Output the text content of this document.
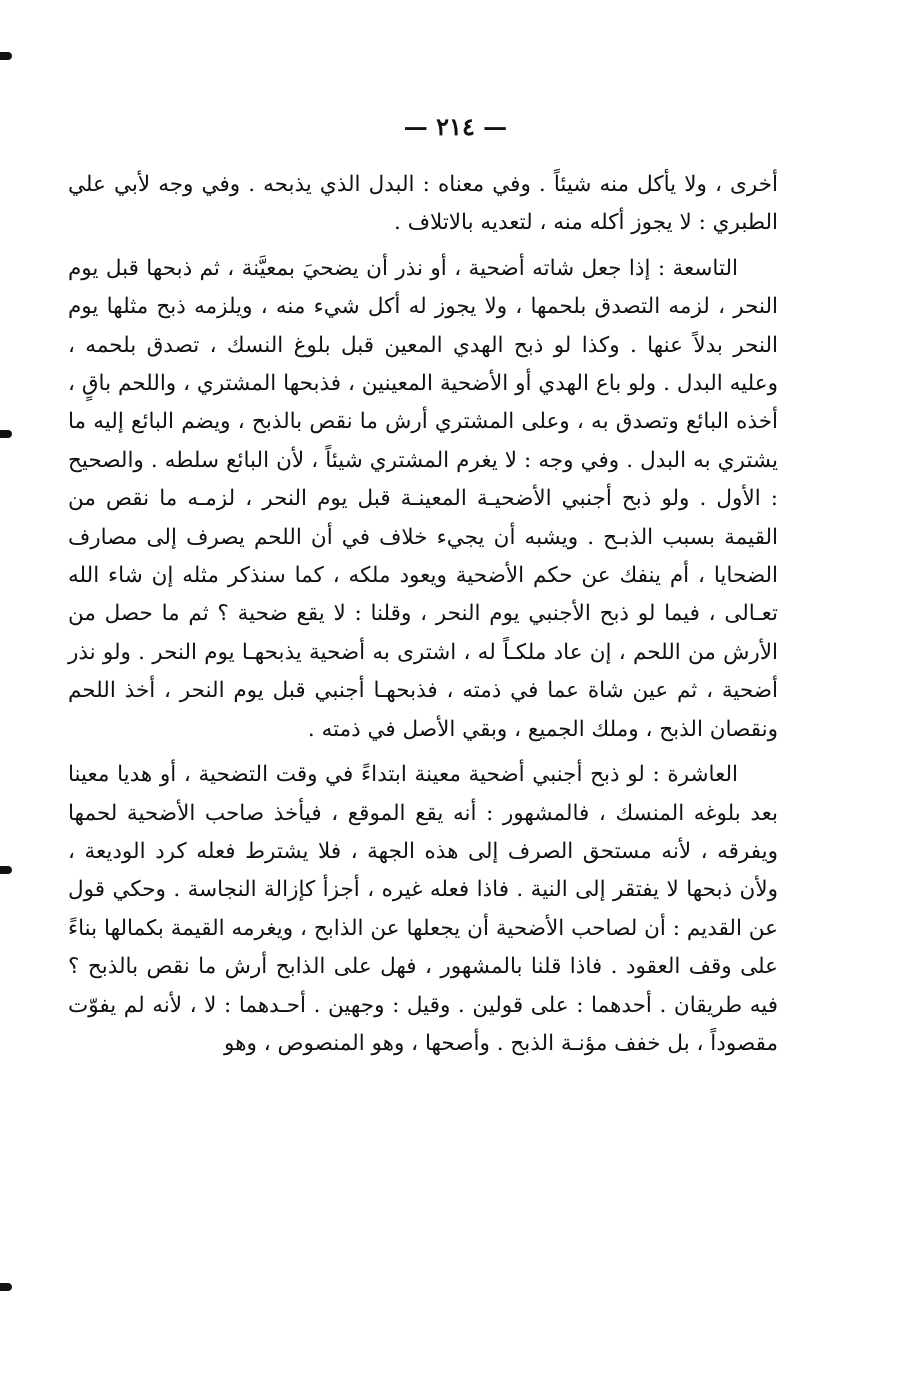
— ٢١٤ —

أخرى ، ولا يأكل منه شيئاً . وفي معناه : البدل الذي يذبحه . وفي وجه لأبي علي الطبري : لا يجوز أكله منه ، لتعديه بالاتلاف .

التاسعة : إذا جعل شاته أضحية ، أو نذر أن يضحيَ بمعيَّنة ، ثم ذبحها قبل يوم النحر ، لزمه التصدق بلحمها ، ولا يجوز له أكل شيء منه ، ويلزمه ذبح مثلها يوم النحر بدلاً عنها . وكذا لو ذبح الهدي المعين قبل بلوغ النسك ، تصدق بلحمه ، وعليه البدل . ولو باع الهدي أو الأضحية المعينين ، فذبحها المشتري ، واللحم باقٍ ، أخذه البائع وتصدق به ، وعلى المشتري أرش ما نقص بالذبح ، ويضم البائع إليه ما يشتري به البدل . وفي وجه : لا يغرم المشتري شيئاً ، لأن البائع سلطه . والصحيح : الأول . ولو ذبح أجنبي الأضحيـة المعينـة قبل يوم النحر ، لزمـه ما نقص من القيمة بسبب الذبـح . ويشبه أن يجيء خلاف في أن اللحم يصرف إلى مصارف الضحايا ، أم ينفك عن حكم الأضحية ويعود ملكه ، كما سنذكر مثله إن شاء الله تعـالى ، فيما لو ذبح الأجنبي يوم النحر ، وقلنا : لا يقع ضحية ؟ ثم ما حصل من الأرش من اللحم ، إن عاد ملكـاً له ، اشترى به أضحية يذبحهـا يوم النحر . ولو نذر أضحية ، ثم عين شاة عما في ذمته ، فذبحهـا أجنبي قبل يوم النحر ، أخذ اللحم ونقصان الذبح ، وملك الجميع ، وبقي الأصل في ذمته .

العاشرة : لو ذبح أجنبي أضحية معينة ابتداءً في وقت التضحية ، أو هديا معينا بعد بلوغه المنسك ، فالمشهور : أنه يقع الموقع ، فيأخذ صاحب الأضحية لحمها ويفرقه ، لأنه مستحق الصرف إلى هذه الجهة ، فلا يشترط فعله كرد الوديعة ، ولأن ذبحها لا يفتقر إلى النية . فاذا فعله غيره ، أجزأ كإزالة النجاسة . وحكي قول عن القديم : أن لصاحب الأضحية أن يجعلها عن الذابح ، ويغرمه القيمة بكمالها بناءً على وقف العقود . فاذا قلنا بالمشهور ، فهل على الذابح أرش ما نقص بالذبح ؟ فيه طريقان . أحدهما : على قولين . وقيل : وجهين . أحـدهما : لا ، لأنه لم يفوّت مقصوداً ، بل خفف مؤنـة الذبح . وأصحها ، وهو المنصوص ، وهو
